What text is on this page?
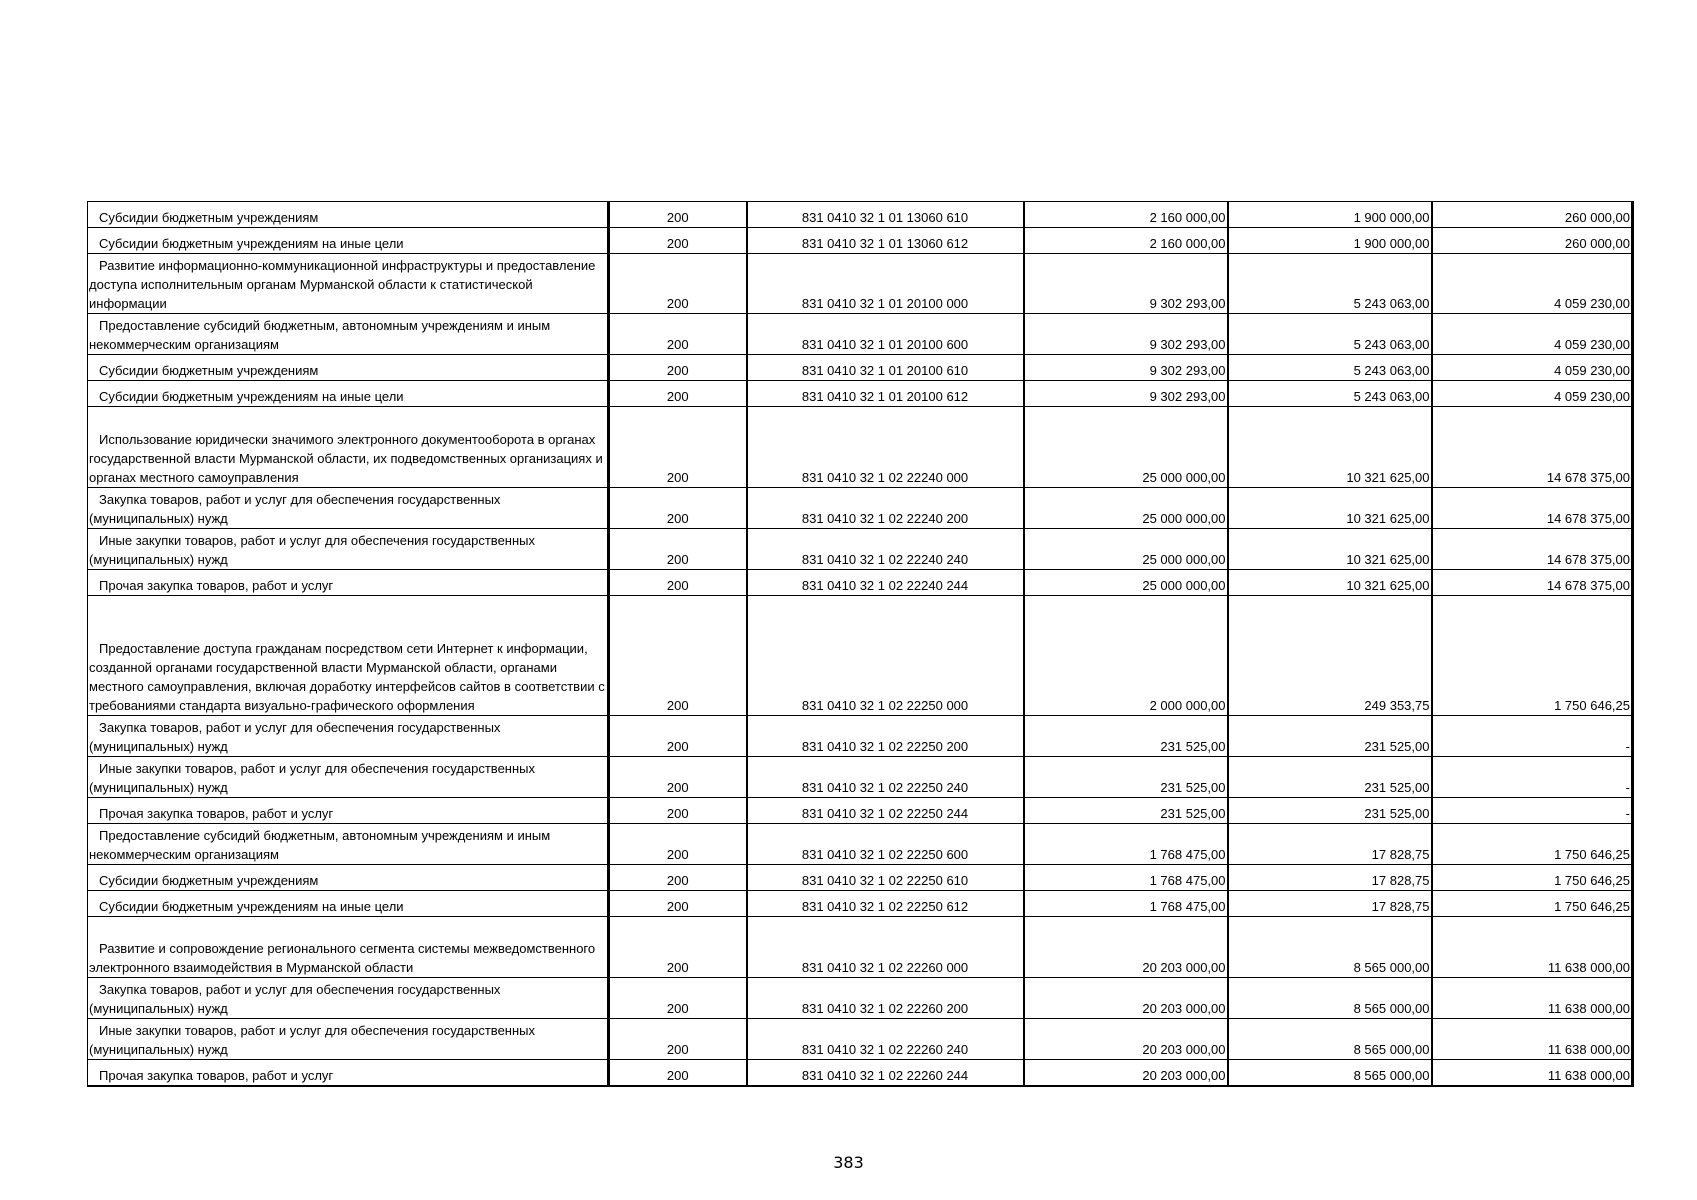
Субсидии бюджетным учреждениям	200	831 0410 32 1 01 13060 610	2 160 000,00	1 900 000,00	260 000,00
Субсидии бюджетным учреждениям на иные цели	200	831 0410 32 1 01 13060 612	2 160 000,00	1 900 000,00	260 000,00
Развитие информационно-коммуникационной инфраструктуры и предоставление доступа исполнительным органам Мурманской области к статистической информации	200	831 0410 32 1 01 20100 000	9 302 293,00	5 243 063,00	4 059 230,00
Предоставление субсидий бюджетным, автономным учреждениям и иным некоммерческим организациям	200	831 0410 32 1 01 20100 600	9 302 293,00	5 243 063,00	4 059 230,00
Субсидии бюджетным учреждениям	200	831 0410 32 1 01 20100 610	9 302 293,00	5 243 063,00	4 059 230,00
Субсидии бюджетным учреждениям на иные цели	200	831 0410 32 1 01 20100 612	9 302 293,00	5 243 063,00	4 059 230,00
Использование юридически значимого электронного документооборота в органах государственной власти Мурманской области, их подведомственных организациях и органах местного самоуправления	200	831 0410 32 1 02 22240 000	25 000 000,00	10 321 625,00	14 678 375,00
Закупка товаров, работ и услуг для обеспечения государственных (муниципальных) нужд	200	831 0410 32 1 02 22240 200	25 000 000,00	10 321 625,00	14 678 375,00
Иные закупки товаров, работ и услуг для обеспечения государственных (муниципальных) нужд	200	831 0410 32 1 02 22240 240	25 000 000,00	10 321 625,00	14 678 375,00
Прочая закупка товаров, работ и услуг	200	831 0410 32 1 02 22240 244	25 000 000,00	10 321 625,00	14 678 375,00
Предоставление доступа гражданам посредством сети Интернет к информации, созданной органами государственной власти Мурманской области, органами местного самоуправления, включая доработку интерфейсов сайтов в соответствии с требованиями стандарта визуально-графического оформления	200	831 0410 32 1 02 22250 000	2 000 000,00	249 353,75	1 750 646,25
Закупка товаров, работ и услуг для обеспечения государственных (муниципальных) нужд	200	831 0410 32 1 02 22250 200	231 525,00	231 525,00	-
Иные закупки товаров, работ и услуг для обеспечения государственных (муниципальных) нужд	200	831 0410 32 1 02 22250 240	231 525,00	231 525,00	-
Прочая закупка товаров, работ и услуг	200	831 0410 32 1 02 22250 244	231 525,00	231 525,00	-
Предоставление субсидий бюджетным, автономным учреждениям и иным некоммерческим организациям	200	831 0410 32 1 02 22250 600	1 768 475,00	17 828,75	1 750 646,25
Субсидии бюджетным учреждениям	200	831 0410 32 1 02 22250 610	1 768 475,00	17 828,75	1 750 646,25
Субсидии бюджетным учреждениям на иные цели	200	831 0410 32 1 02 22250 612	1 768 475,00	17 828,75	1 750 646,25
Развитие и сопровождение регионального сегмента системы межведомственного электронного взаимодействия в Мурманской области	200	831 0410 32 1 02 22260 000	20 203 000,00	8 565 000,00	11 638 000,00
Закупка товаров, работ и услуг для обеспечения государственных (муниципальных) нужд	200	831 0410 32 1 02 22260 200	20 203 000,00	8 565 000,00	11 638 000,00
Иные закупки товаров, работ и услуг для обеспечения государственных (муниципальных) нужд	200	831 0410 32 1 02 22260 240	20 203 000,00	8 565 000,00	11 638 000,00
Прочая закупка товаров, работ и услуг	200	831 0410 32 1 02 22260 244	20 203 000,00	8 565 000,00	11 638 000,00
383
